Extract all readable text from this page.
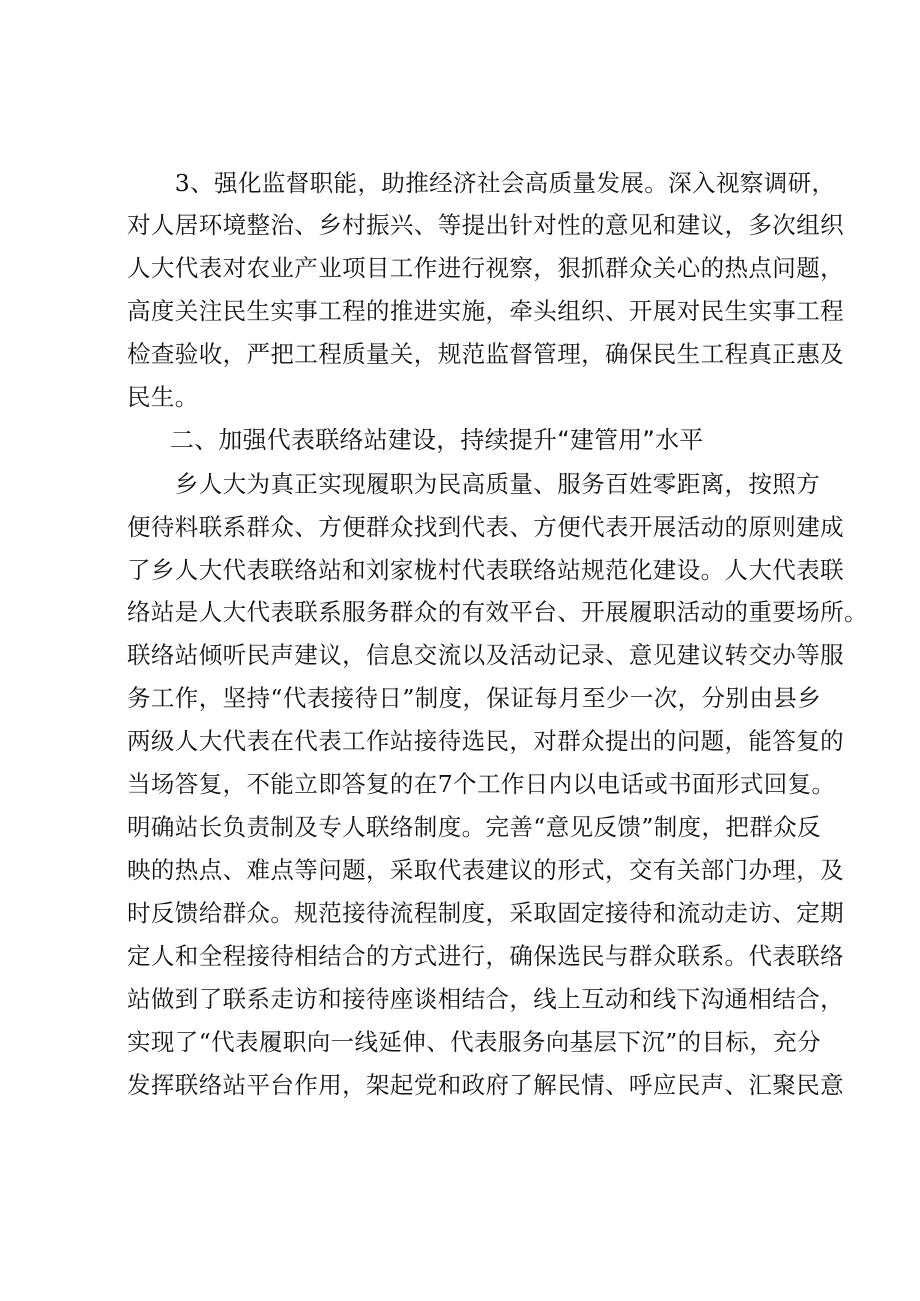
　　3、强化监督职能，助推经济社会高质量发展。深入视察调研，
对人居环境整治、乡村振兴、等提出针对性的意见和建议，多次组织
人大代表对农业产业项目工作进行视察，狠抓群众关心的热点问题，
高度关注民生实事工程的推进实施，牵头组织、开展对民生实事工程
检查验收，严把工程质量关，规范监督管理，确保民生工程真正惠及
民生。
二、加强代表联络站建设，持续提升“建管用”水平
　　乡人大为真正实现履职为民高质量、服务百姓零距离，按照方
便待料联系群众、方便群众找到代表、方便代表开展活动的原则建成
了乡人大代表联络站和刘家栊村代表联络站规范化建设。人大代表联
络站是人大代表联系服务群众的有效平台、开展履职活动的重要场所。
联络站倾听民声建议，信息交流以及活动记录、意见建议转交办等服
务工作，坚持“代表接待日”制度，保证每月至少一次，分别由县乡
两级人大代表在代表工作站接待选民，对群众提出的问题，能答复的
当场答复，不能立即答复的在7个工作日内以电话或书面形式回复。
明确站长负责制及专人联络制度。完善“意见反馈”制度，把群众反
映的热点、难点等问题，采取代表建议的形式，交有关部门办理，及
时反馈给群众。规范接待流程制度，采取固定接待和流动走访、定期
定人和全程接待相结合的方式进行，确保选民与群众联系。代表联络
站做到了联系走访和接待座谈相结合，线上互动和线下沟通相结合，
实现了“代表履职向一线延伸、代表服务向基层下沉”的目标，充分
发挥联络站平台作用，架起党和政府了解民情、呼应民声、汇聚民意
